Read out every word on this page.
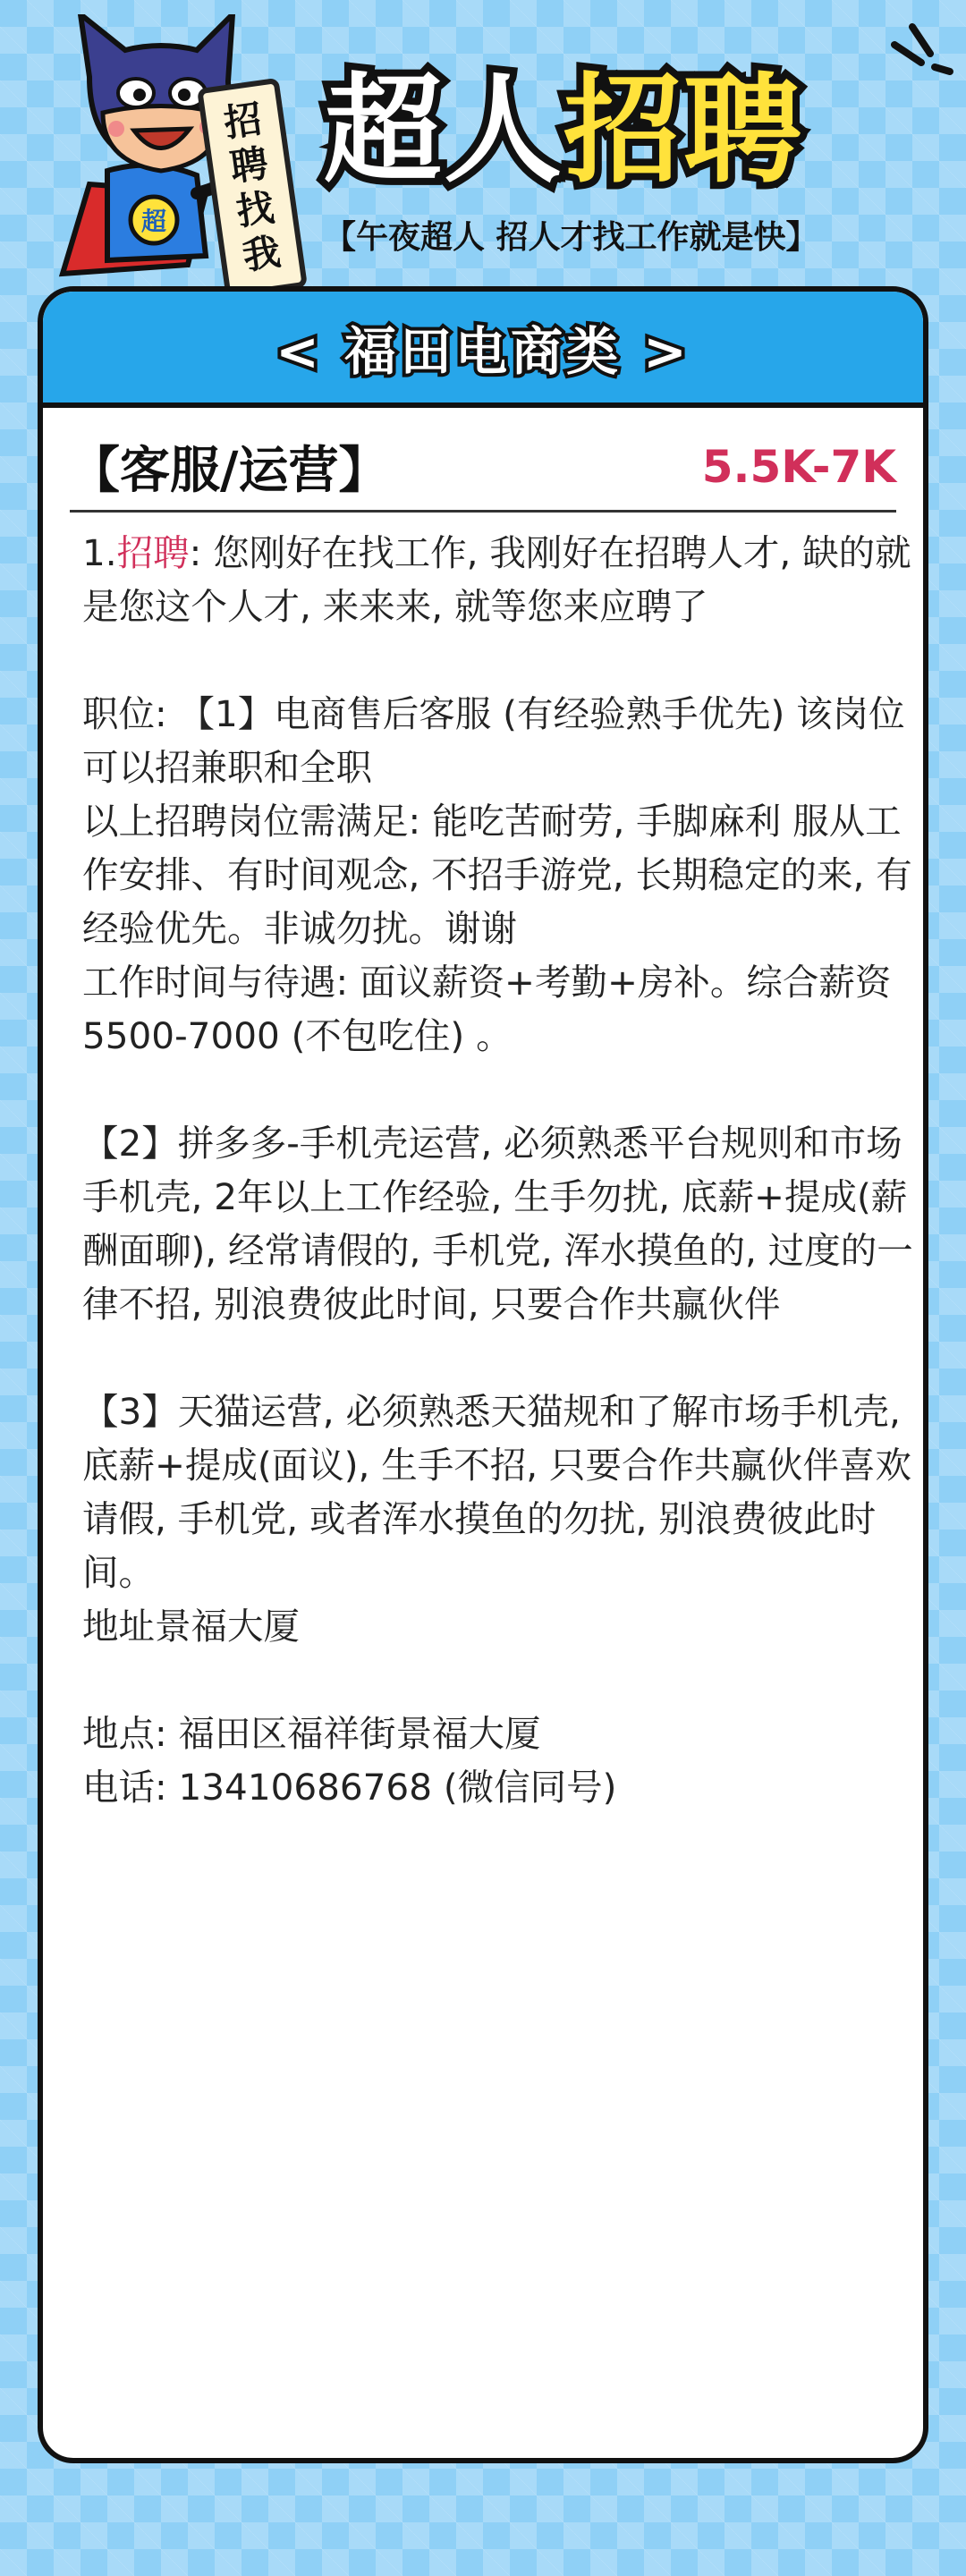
超
招
聘
找
我
超人 招聘
【午夜超人 招人才找工作就是快】
< 福田电商类 >
【客服/运营】	5.5K-7K

1.招聘: 您刚好在找工作, 我刚好在招聘人才, 缺的就是您这个人才, 来来来, 就等您来应聘了

职位: 【1】电商售后客服 (有经验熟手优先) 该岗位可以招兼职和全职
以上招聘岗位需满足: 能吃苦耐劳, 手脚麻利 服从工作安排、有时间观念, 不招手游党, 长期稳定的来, 有经验优先。非诚勿扰。谢谢
工作时间与待遇: 面议薪资+考勤+房补。综合薪资5500-7000 (不包吃住) 。

【2】拼多多-手机壳运营, 必须熟悉平台规则和市场手机壳, 2年以上工作经验, 生手勿扰, 底薪+提成(薪酬面聊), 经常请假的, 手机党, 浑水摸鱼的, 过度的一律不招, 别浪费彼此时间, 只要合作共赢伙伴

【3】天猫运营, 必须熟悉天猫规和了解市场手机壳, 底薪+提成(面议), 生手不招, 只要合作共赢伙伴喜欢请假, 手机党, 或者浑水摸鱼的勿扰, 别浪费彼此时间。
地址景福大厦

地点: 福田区福祥街景福大厦

电话: 13410686768 (微信同号)
